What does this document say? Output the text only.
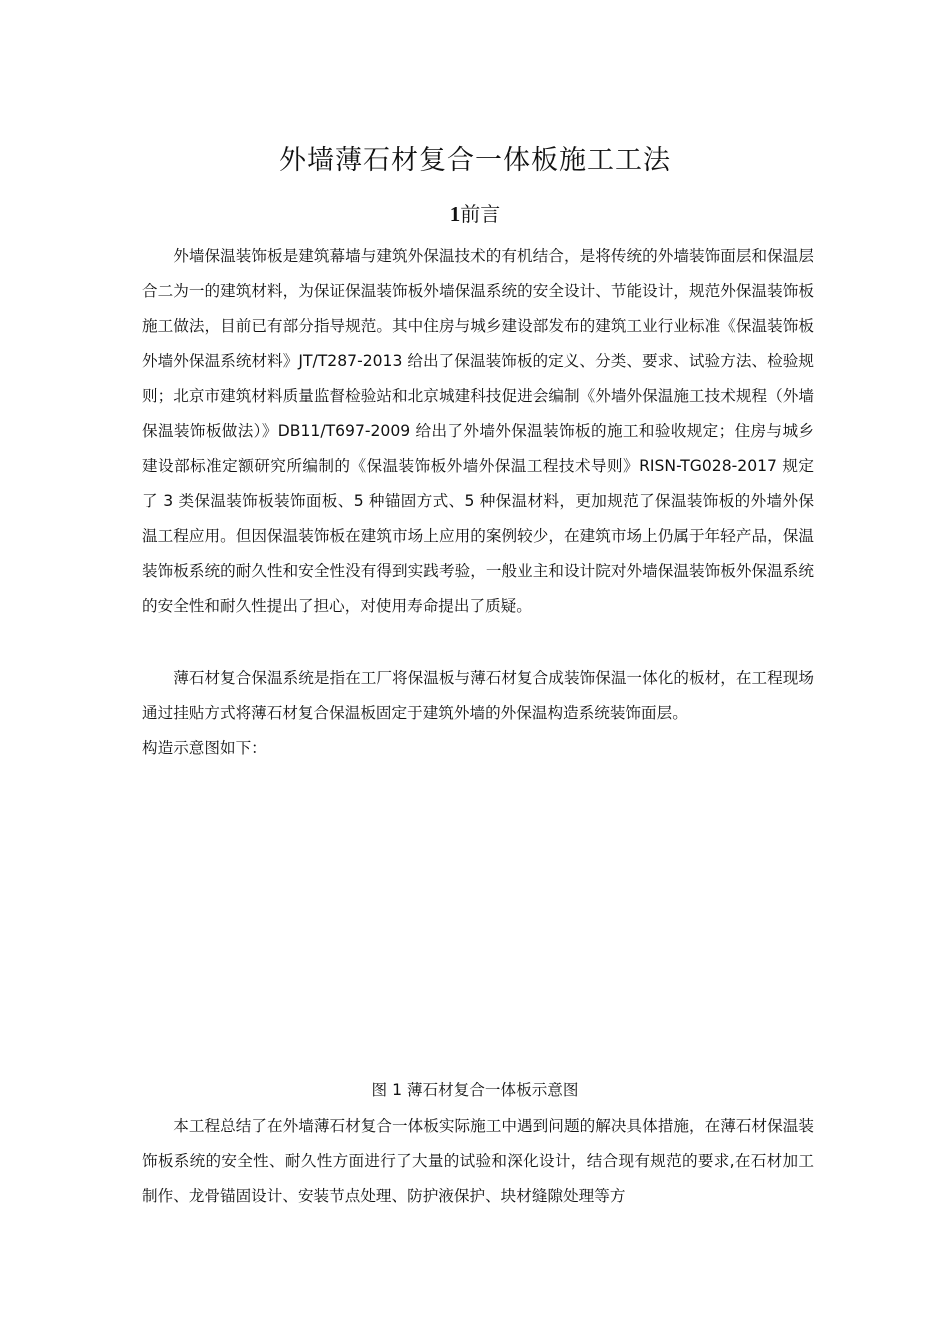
外墙薄石材复合一体板施工工法
1前言

外墙保温装饰板是建筑幕墙与建筑外保温技术的有机结合，是将传统的外墙装饰面层和保温层合二为一的建筑材料，为保证保温装饰板外墙保温系统的安全设计、节能设计，规范外保温装饰板施工做法，目前已有部分指导规范。其中住房与城乡建设部发布的建筑工业行业标准《保温装饰板外墙外保温系统材料》JT/T287-2013 给出了保温装饰板的定义、分类、要求、试验方法、检验规则；北京市建筑材料质量监督检验站和北京城建科技促进会编制《外墙外保温施工技术规程（外墙保温装饰板做法）》DB11/T697-2009 给出了外墙外保温装饰板的施工和验收规定；住房与城乡建设部标准定额研究所编制的《保温装饰板外墙外保温工程技术导则》RISN-TG028-2017 规定了 3 类保温装饰板装饰面板、5 种锚固方式、5 种保温材料，更加规范了保温装饰板的外墙外保温工程应用。但因保温装饰板在建筑市场上应用的案例较少，在建筑市场上仍属于年轻产品，保温装饰板系统的耐久性和安全性没有得到实践考验，一般业主和设计院对外墙保温装饰板外保温系统的安全性和耐久性提出了担心，对使用寿命提出了质疑。

薄石材复合保温系统是指在工厂将保温板与薄石材复合成装饰保温一体化的板材，在工程现场通过挂贴方式将薄石材复合保温板固定于建筑外墙的外保温构造系统装饰面层。

构造示意图如下：

图 1 薄石材复合一体板示意图

本工程总结了在外墙薄石材复合一体板实际施工中遇到问题的解决具体措施，在薄石材保温装饰板系统的安全性、耐久性方面进行了大量的试验和深化设计，结合现有规范的要求,在石材加工制作、龙骨锚固设计、安装节点处理、防护液保护、块材缝隙处理等方
